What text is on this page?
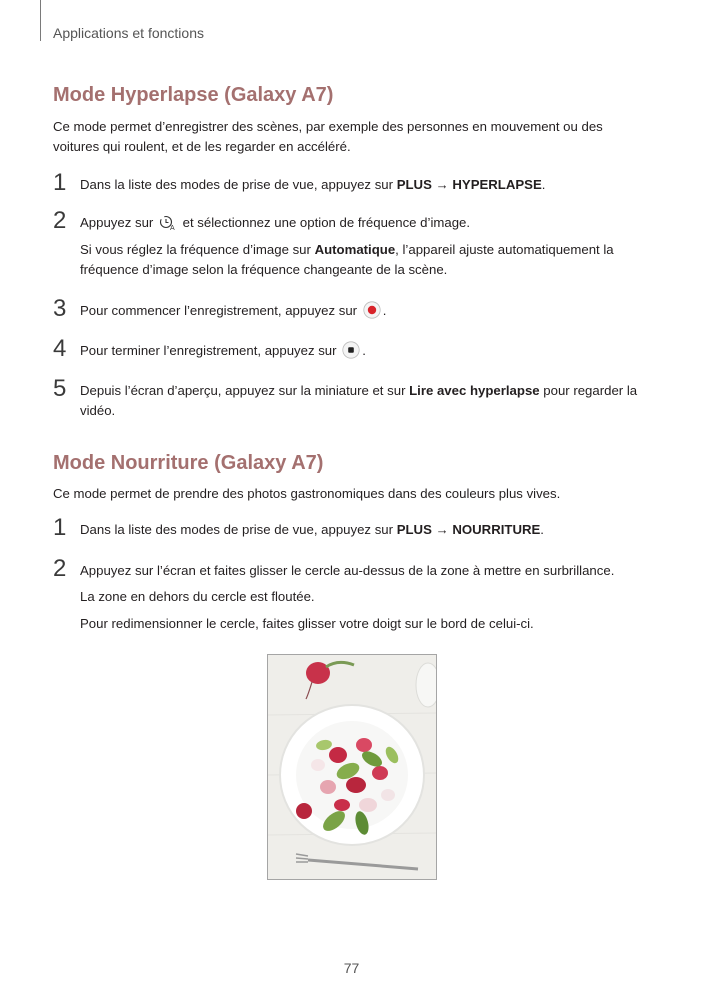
Applications et fonctions
Mode Hyperlapse (Galaxy A7)
Ce mode permet d’enregistrer des scènes, par exemple des personnes en mouvement ou des voitures qui roulent, et de les regarder en accéléré.
1 Dans la liste des modes de prise de vue, appuyez sur PLUS → HYPERLAPSE.
2 Appuyez sur A et sélectionnez une option de fréquence d’image.
Si vous réglez la fréquence d’image sur Automatique, l’appareil ajuste automatiquement la fréquence d’image selon la fréquence changeante de la scène.
3 Pour commencer l’enregistrement, appuyez sur .
4 Pour terminer l’enregistrement, appuyez sur .
5 Depuis l’écran d’aperçu, appuyez sur la miniature et sur Lire avec hyperlapse pour regarder la vidéo.
Mode Nourriture (Galaxy A7)
Ce mode permet de prendre des photos gastronomiques dans des couleurs plus vives.
1 Dans la liste des modes de prise de vue, appuyez sur PLUS → NOURRITURE.
2 Appuyez sur l’écran et faites glisser le cercle au-dessus de la zone à mettre en surbrillance.
La zone en dehors du cercle est floutée.
Pour redimensionner le cercle, faites glisser votre doigt sur le bord de celui-ci.
77
